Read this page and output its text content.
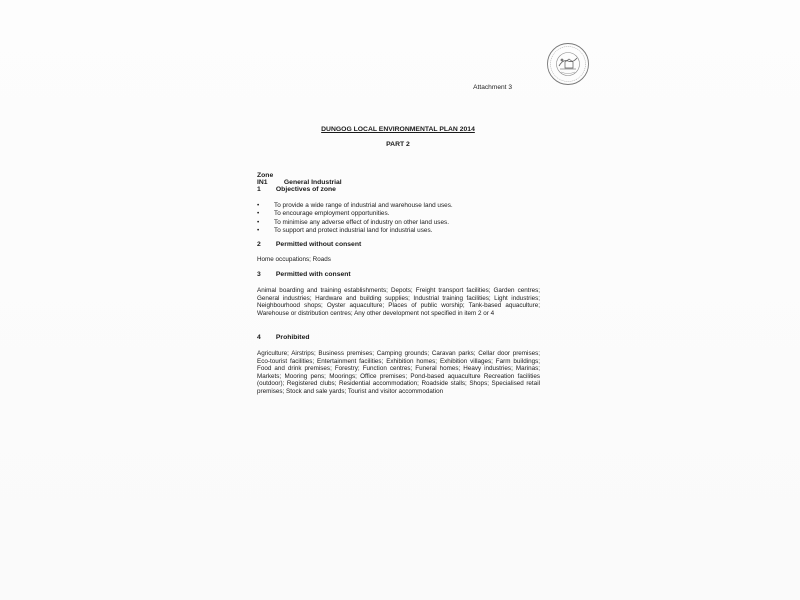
Attachment 3
DUNGOG LOCAL ENVIRONMENTAL PLAN 2014
PART 2
Zone IN1 General Industrial
1 Objectives of zone
• To provide a wide range of industrial and warehouse land uses.
• To encourage employment opportunities.
• To minimise any adverse effect of industry on other land uses.
• To support and protect industrial land for industrial uses.
2 Permitted without consent
Home occupations; Roads
3 Permitted with consent
Animal boarding and training establishments; Depots; Freight transport facilities; Garden centres; General industries; Hardware and building supplies; Industrial training facilities; Light industries; Neighbourhood shops; Oyster aquaculture; Places of public worship; Tank-based aquaculture; Warehouse or distribution centres; Any other development not specified in item 2 or 4
4 Prohibited
Agriculture; Airstrips; Business premises; Camping grounds; Caravan parks; Cellar door premises; Eco-tourist facilities; Entertainment facilities; Exhibition homes; Exhibition villages; Farm buildings; Food and drink premises; Forestry; Function centres; Funeral homes; Heavy industries; Marinas; Markets; Mooring pens; Moorings; Office premises; Pond-based aquaculture Recreation facilities (outdoor); Registered clubs; Residential accommodation; Roadside stalls; Shops; Specialised retail premises; Stock and sale yards; Tourist and visitor accommodation
